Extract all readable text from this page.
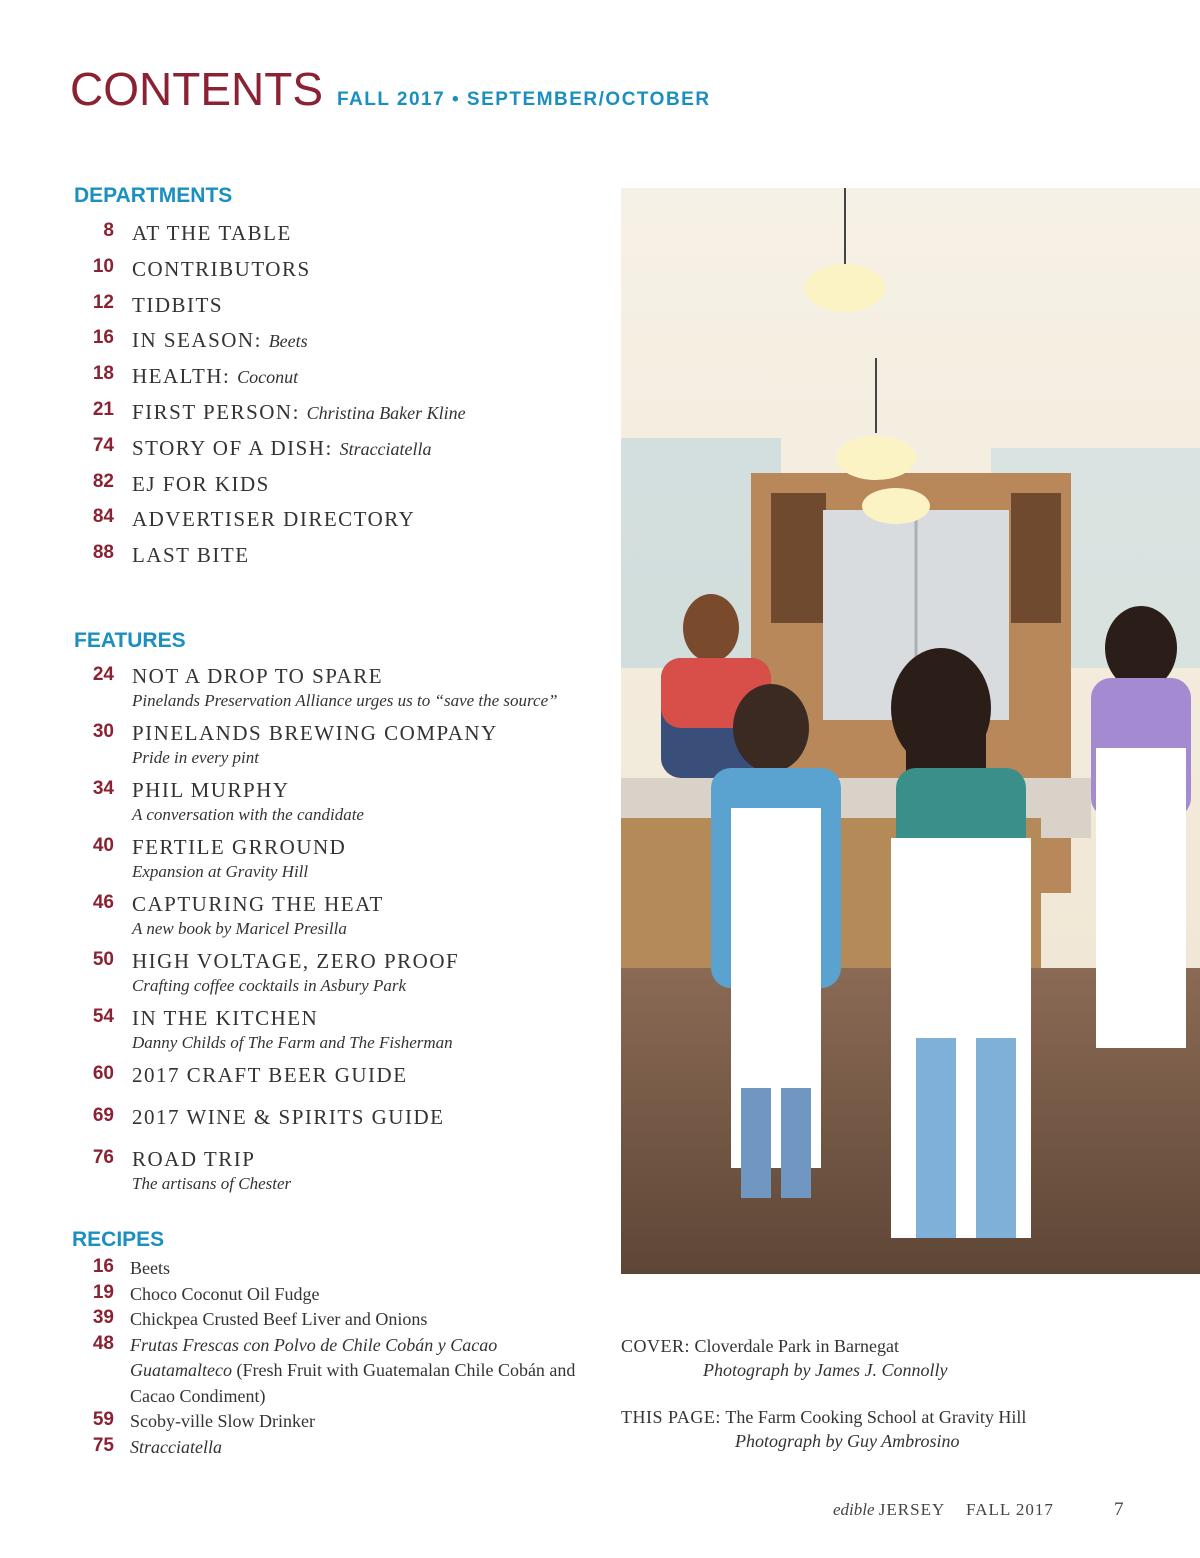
CONTENTS FALL 2017 • SEPTEMBER/OCTOBER
DEPARTMENTS
8 AT THE TABLE
10 CONTRIBUTORS
12 TIDBITS
16 IN SEASON: Beets
18 HEALTH: Coconut
21 FIRST PERSON: Christina Baker Kline
74 STORY OF A DISH: Stracciatella
82 EJ FOR KIDS
84 ADVERTISER DIRECTORY
88 LAST BITE
FEATURES
24 NOT A DROP TO SPARE
Pinelands Preservation Alliance urges us to “save the source”
30 PINELANDS BREWING COMPANY
Pride in every pint
34 PHIL MURPHY
A conversation with the candidate
40 FERTILE GRROUND
Expansion at Gravity Hill
46 CAPTURING THE HEAT
A new book by Maricel Presilla
50 HIGH VOLTAGE, ZERO PROOF
Crafting coffee cocktails in Asbury Park
54 IN THE KITCHEN
Danny Childs of The Farm and The Fisherman
60 2017 CRAFT BEER GUIDE
69 2017 WINE & SPIRITS GUIDE
76 ROAD TRIP
The artisans of Chester
RECIPES
16 Beets
19 Choco Coconut Oil Fudge
39 Chickpea Crusted Beef Liver and Onions
48 Frutas Frescas con Polvo de Chile Cobán y Cacao Guatamalteco (Fresh Fruit with Guatemalan Chile Cobán and Cacao Condiment)
59 Scoby-ville Slow Drinker
75 Stracciatella
COVER: Cloverdale Park in Barnegat
Photograph by James J. Connolly
THIS PAGE: The Farm Cooking School at Gravity Hill
Photograph by Guy Ambrosino
edible JERSEY FALL 2017	7
